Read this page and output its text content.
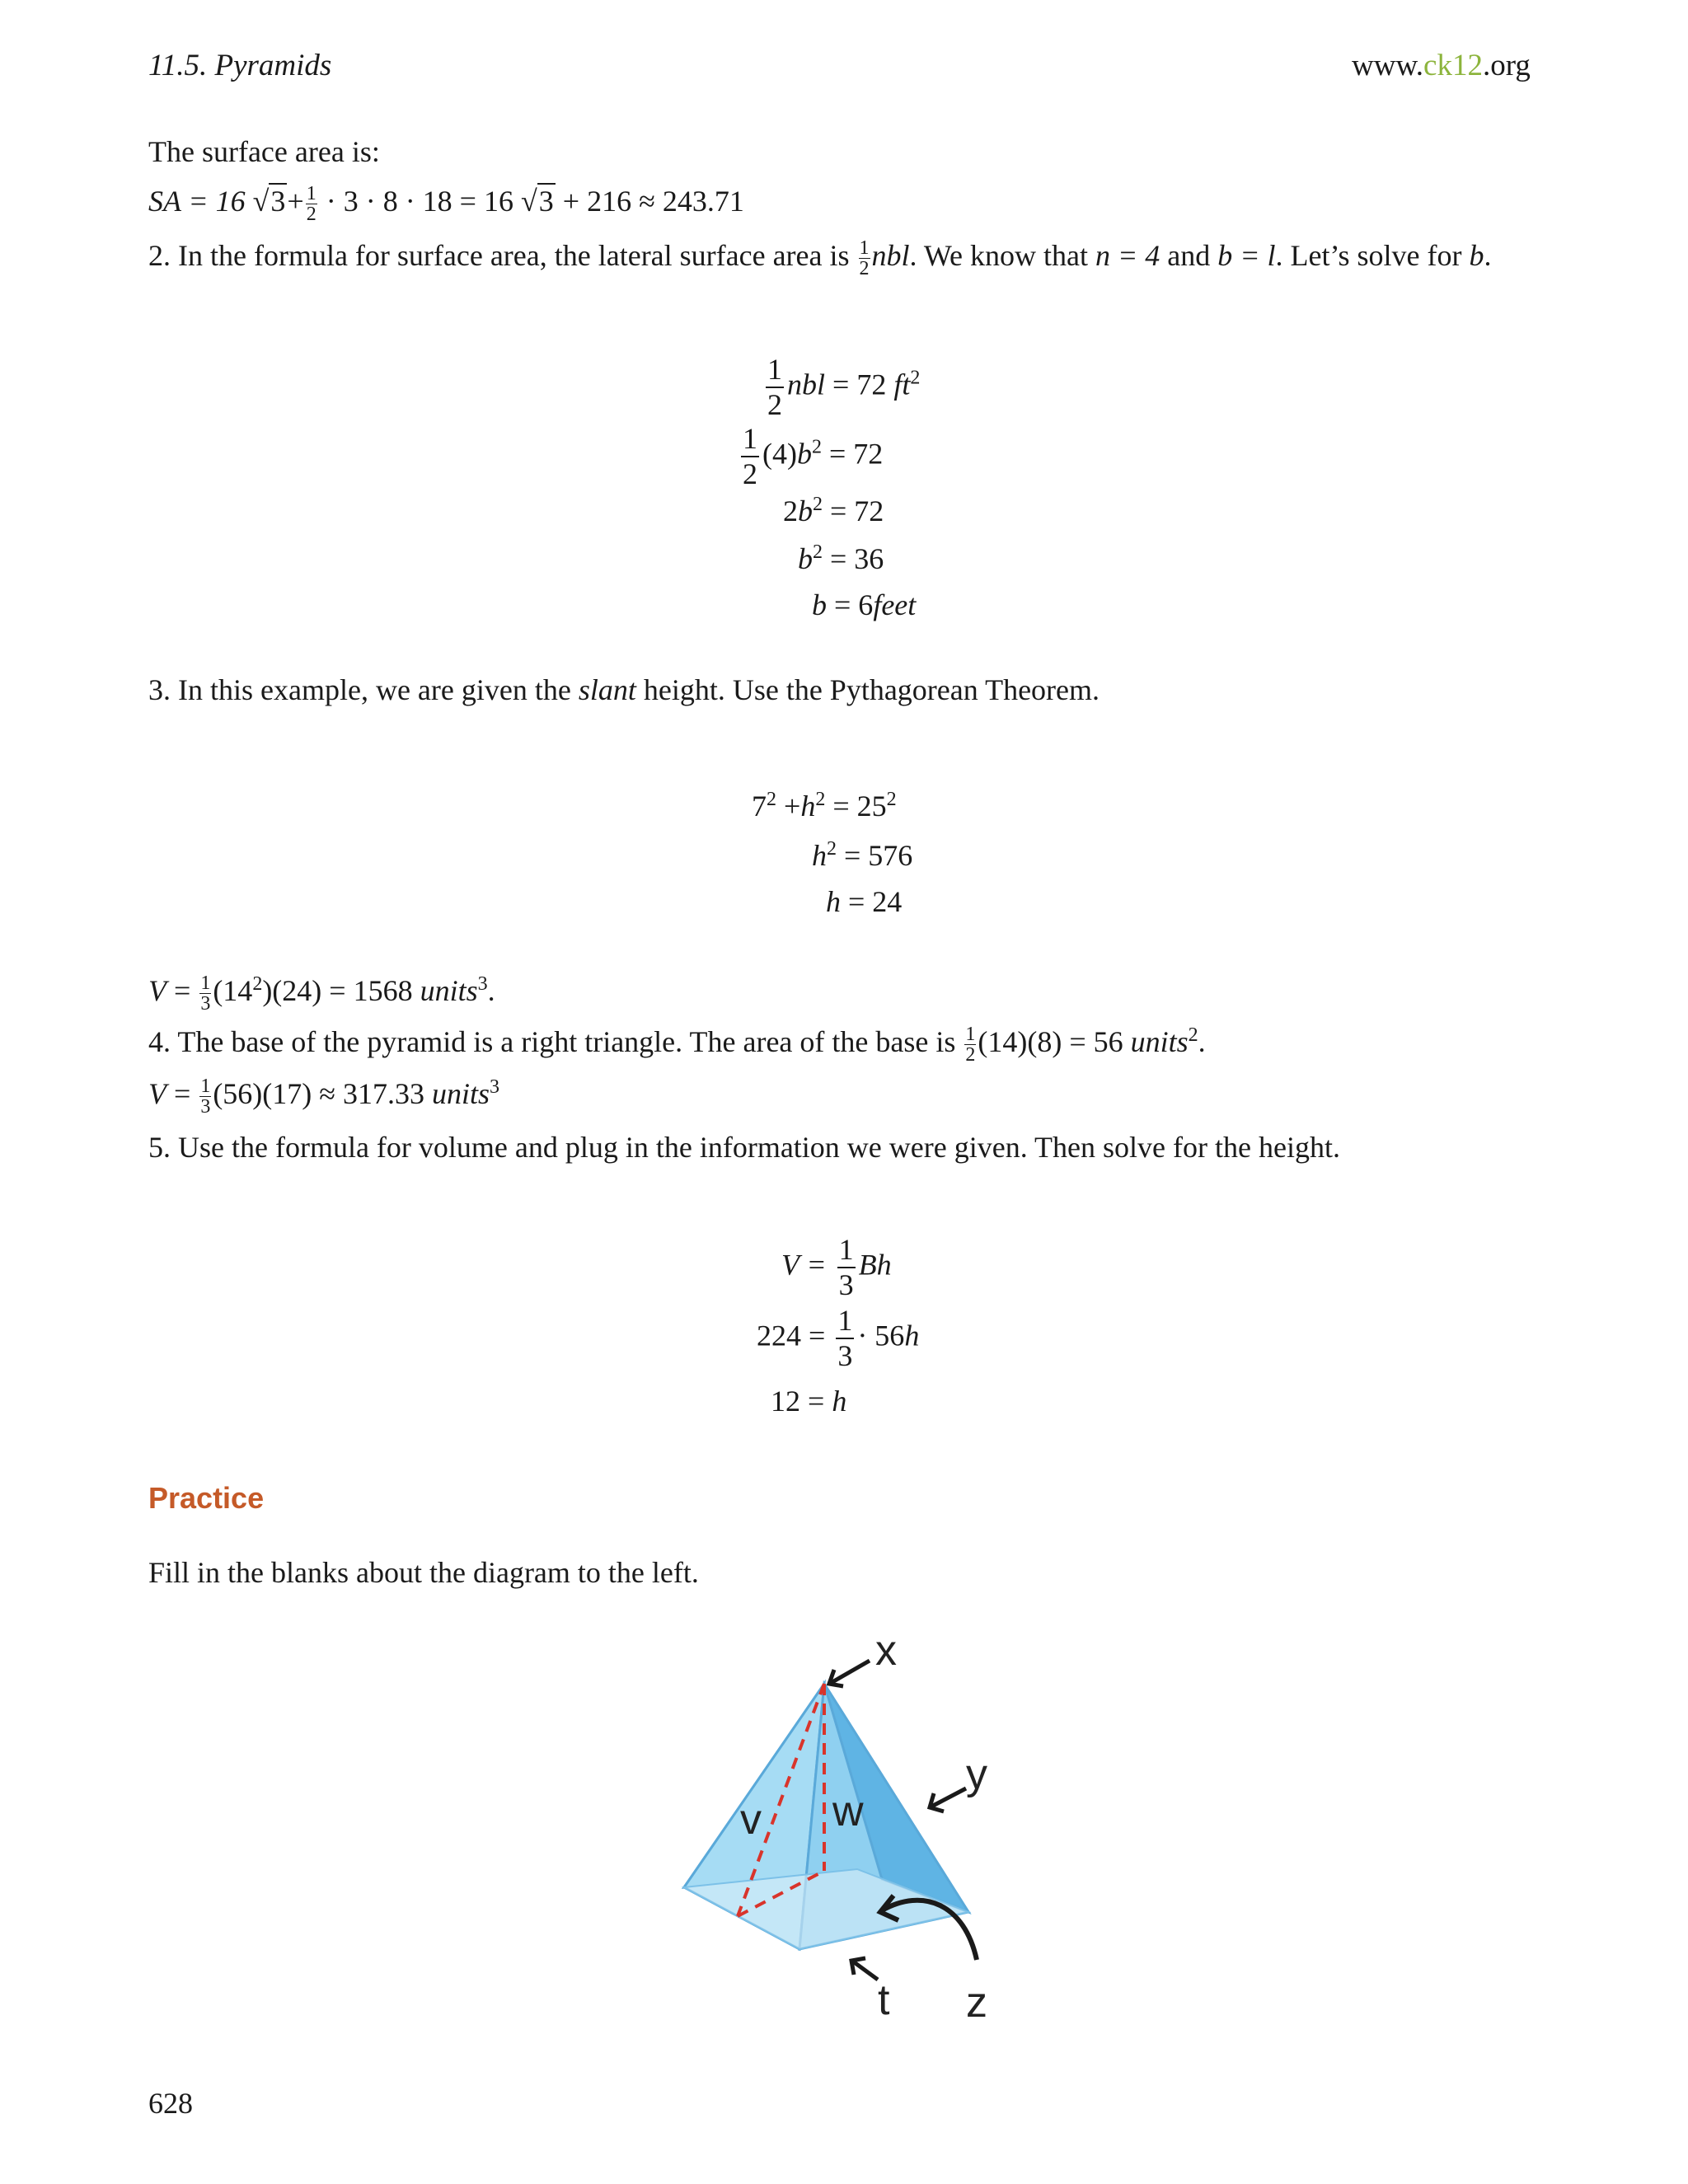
11.5. Pyramids	www.ck12.org
The surface area is:
SA = 16 $√3+ \frac{1}{2} \cdot 3 \cdot 8 \cdot 18 = 16$ √3 + 216 ≈ 243.71
2. In the formula for surface area, the lateral surface area is $\frac{1}{2}$ nbl. We know that n = 4 and b = l. Let’s solve for b.
$\frac{1}{2}$ nbl = 72 $ft^2$
$\frac{1}{2} (4)b^2 = 72$
$2b^2 = 72$
$b^2 = 36$
b = 6feet
3. In this example, we are given the slant height. Use the Pythagorean Theorem.
$7^2 +h^2 = 25^2$
$h^2 = 576$
h = 24
$V = \frac{1}{3} (14^2)(24) = 1568$ units$^3$.
4. The base of the pyramid is a right triangle. The area of the base is $\frac{1}{2} (14)(8) = 56$ units$^2$.
$V = \frac{1}{3} (56)(17) \approx 317.33$ units$^3$
5. Use the formula for volume and plug in the information we were given. Then solve for the height.
$V = \frac{1}{3}$ Bh
$224 = \frac{1}{3} \cdot 56h$
12 = h
Practice
Fill in the blanks about the diagram to the left.
x
y
z
t
v w
628
